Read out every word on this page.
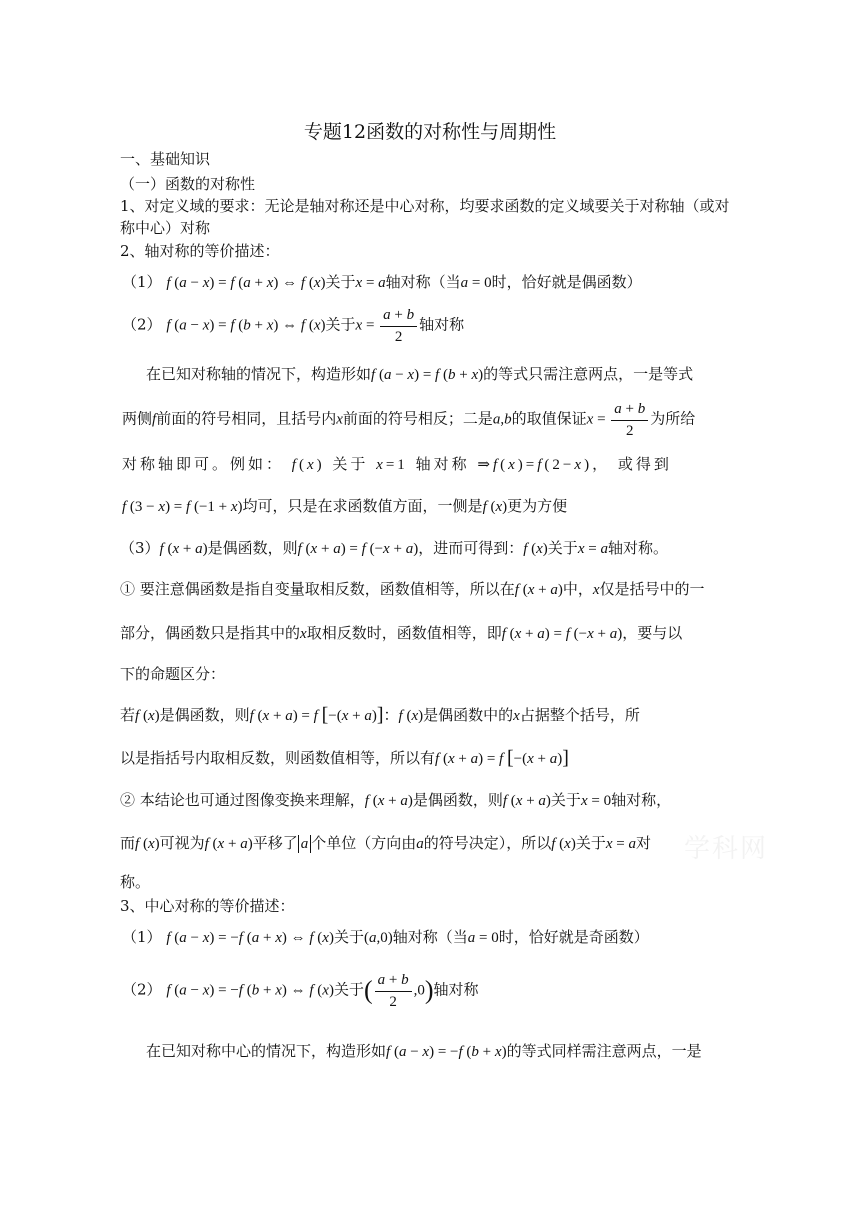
专题12函数的对称性与周期性
一、基础知识
（一）函数的对称性
1、对定义域的要求：无论是轴对称还是中心对称，均要求函数的定义域要关于对称轴（或对
称中心）对称
2、轴对称的等价描述：
（1） f (a − x) = f (a + x) ⇔ f (x)关于x = a轴对称（当a = 0时，恰好就是偶函数）
（2） f (a − x) = f (b + x) ⇔ f (x)关于$x = \frac{a + b}{2}$ 轴对称
在已知对称轴的情况下，构造形如f (a − x) = f (b + x)的等式只需注意两点，一是等式
两侧f前面的符号相同，且括号内x前面的符号相反；二是a,b的取值保证$x = \frac{a + b}{2}$ 为所给
对称轴即可。例如： f(x) 关于 x=1 轴对称 ⇒f(x)=f(2−x)， 或得到
f (3 − x) = f (−1 + x)均可，只是在求函数值方面，一侧是f (x)更为方便
（3）f (x + a)是偶函数，则f (x + a) = f (−x + a)，进而可得到：f (x)关于x = a轴对称。
① 要注意偶函数是指自变量取相反数，函数值相等，所以在f (x + a)中，x仅是括号中的一
部分，偶函数只是指其中的x取相反数时，函数值相等，即f (x + a) = f (−x + a)，要与以
下的命题区分：
若f (x)是偶函数，则f (x + a) = f [−(x + a)]：f (x)是偶函数中的x占据整个括号，所
以是指括号内取相反数，则函数值相等，所以有f (x + a) = f [−(x + a)]
② 本结论也可通过图像变换来理解，f (x + a)是偶函数，则f (x + a)关于x = 0轴对称，
而f (x)可视为f (x + a)平移了 a 个单位（方向由a的符号决定），所以f (x)关于x = a对
称。
3、中心对称的等价描述：
（1） f (a − x) = −f (a + x) ⇔ f (x)关于(a,0)轴对称（当a = 0时，恰好就是奇函数）
（2） f (a − x) = −f (b + x) ⇔ f (x)关于( $\frac{a + b}{2} ,0$)轴对称
在已知对称中心的情况下，构造形如f (a − x) = −f (b + x)的等式同样需注意两点，一是
学科网
